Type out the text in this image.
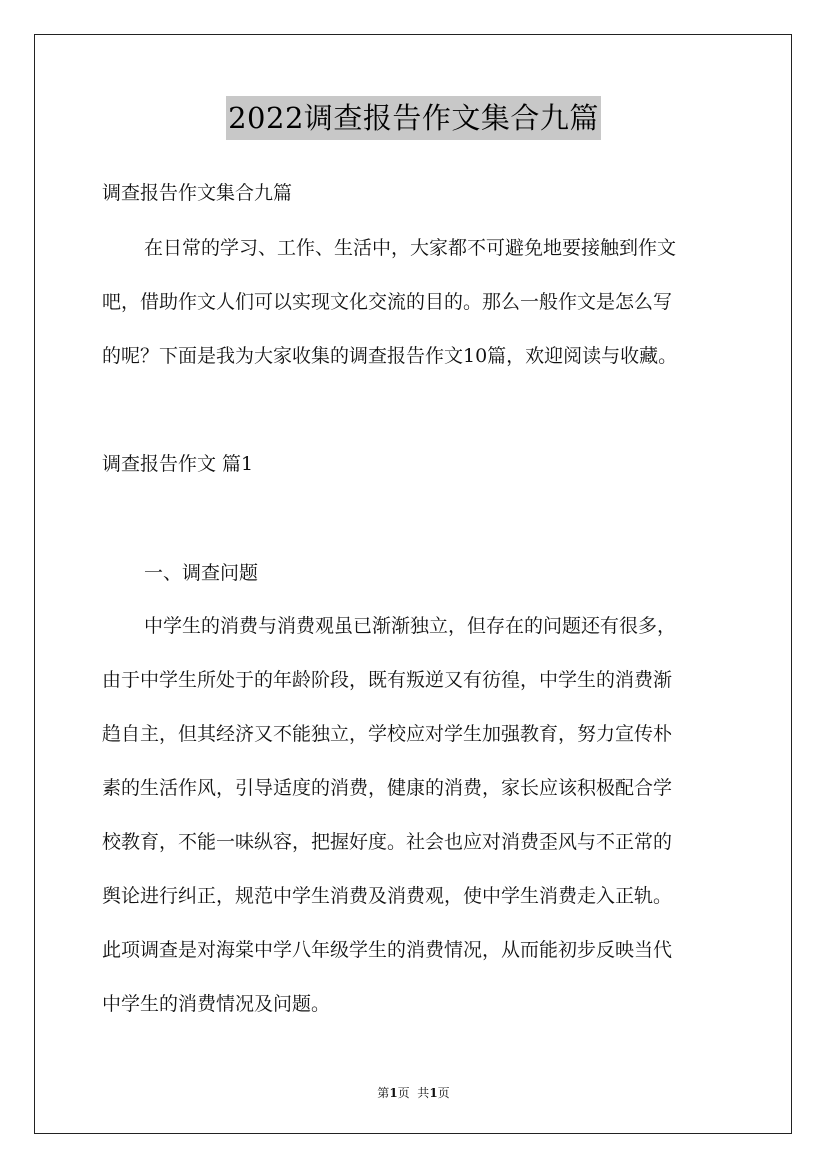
2022调查报告作文集合九篇
调查报告作文集合九篇
在日常的学习、工作、生活中，大家都不可避免地要接触到作文
吧，借助作文人们可以实现文化交流的目的。那么一般作文是怎么写
的呢？下面是我为大家收集的调查报告作文10篇，欢迎阅读与收藏。
调查报告作文 篇1
一、调查问题
中学生的消费与消费观虽已渐渐独立，但存在的问题还有很多，
由于中学生所处于的年龄阶段，既有叛逆又有彷徨，中学生的消费渐
趋自主，但其经济又不能独立，学校应对学生加强教育，努力宣传朴
素的生活作风，引导适度的消费，健康的消费，家长应该积极配合学
校教育，不能一味纵容，把握好度。社会也应对消费歪风与不正常的
舆论进行纠正，规范中学生消费及消费观，使中学生消费走入正轨。
此项调查是对海棠中学八年级学生的消费情况，从而能初步反映当代
中学生的消费情况及问题。
第1页  共1页
